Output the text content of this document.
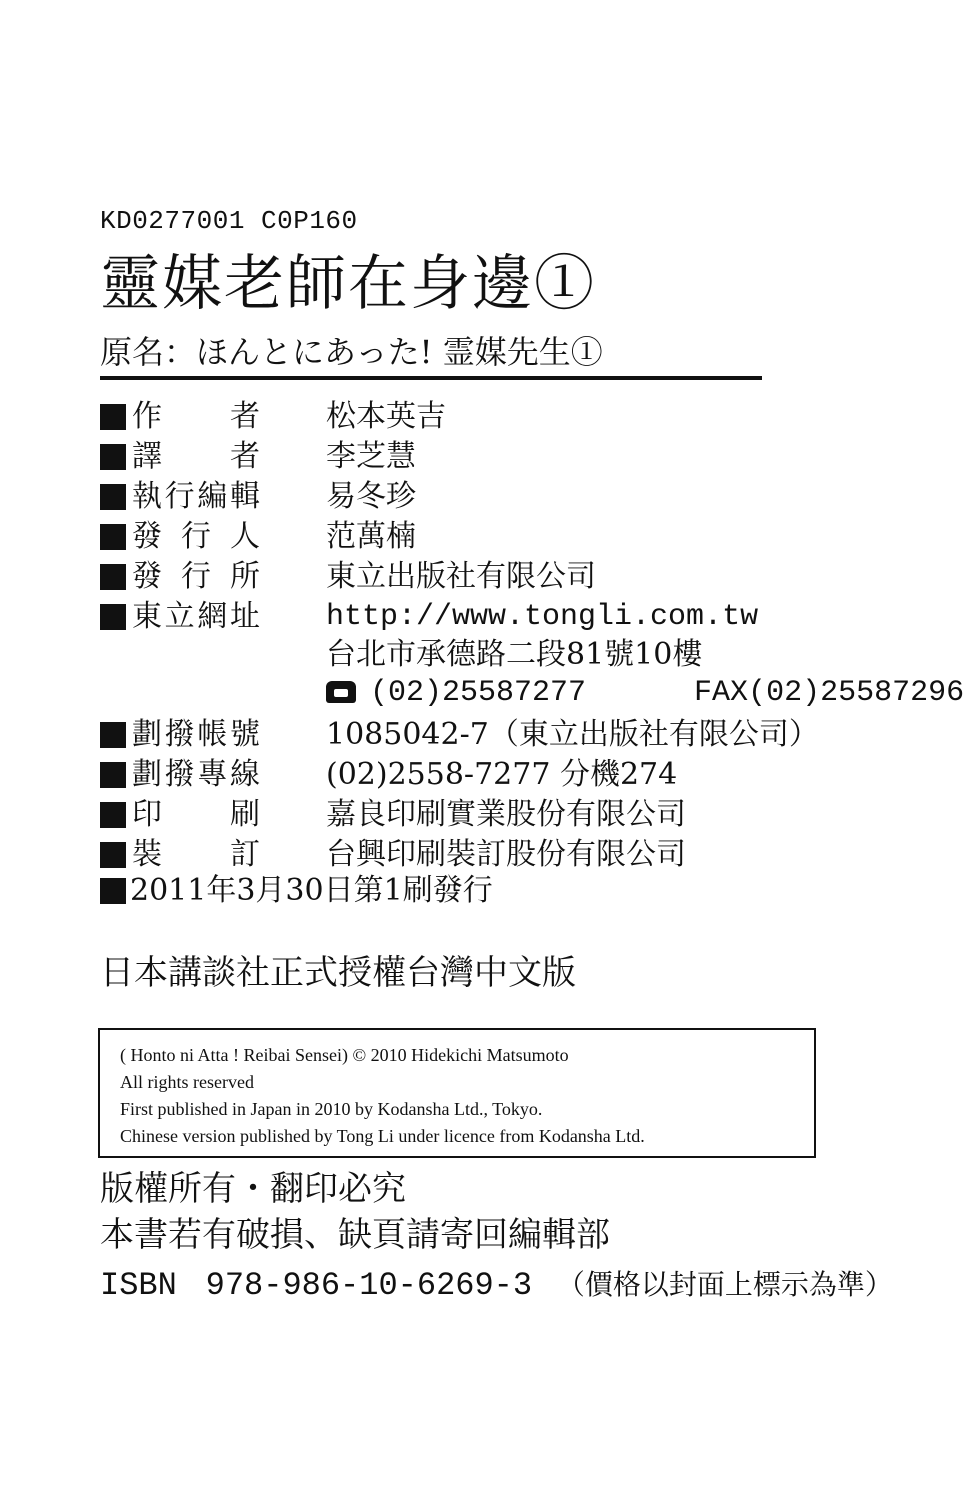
KD0277001 C0P160
靈媒老師在身邊①
原名：ほんとにあった! 霊媒先生①
作 者 松本英吉
譯 者 李芝慧
執 行 編 輯 易冬珍
發 行 人 范萬楠
發 行 所 東立出版社有限公司
東 立 網 址 http://www.tongli.com.tw
台北市承德路二段81號10樓
(02)25587277      FAX(02)25587296
劃 撥 帳 號 1085042-7（東立出版社有限公司）
劃 撥 專 線 (02)2558-7277 分機274
印 刷 嘉良印刷實業股份有限公司
裝 訂 台興印刷裝訂股份有限公司
2011年3月30日第1刷發行
日本講談社正式授權台灣中文版
( Honto ni Atta ! Reibai Sensei) © 2010 Hidekichi Matsumoto
All rights reserved
First published in Japan in 2010 by Kodansha Ltd., Tokyo.
Chinese version published by Tong Li under licence from Kodansha Ltd.
版權所有・翻印必究
本書若有破損、缺頁請寄回編輯部
ISBN 978-986-10-6269-3 （價格以封面上標示為準）
